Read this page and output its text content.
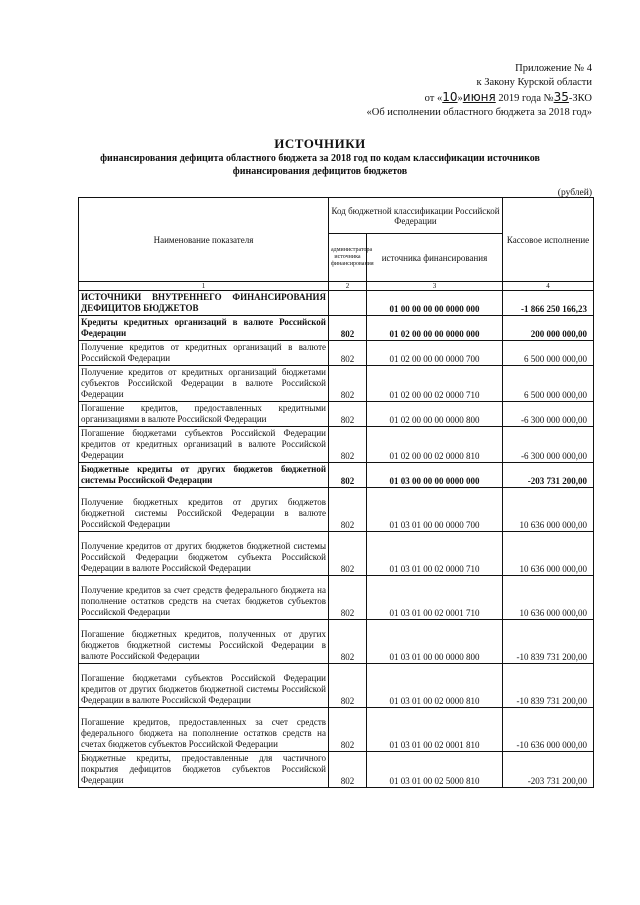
Приложение № 4
к Закону Курской области
от «10»июня 2019 года №35-ЗКО
«Об исполнении областного бюджета за 2018 год»
ИСТОЧНИКИ
финансирования дефицита областного бюджета за 2018 год по кодам классификации источников финансирования дефицитов бюджетов
(рублей)
Наименование показателя	Код бюджетной классификации Российской Федерации		Кассовое исполнение
	администратора источника финансирования	источника финансирования	
1	2	3	4
ИСТОЧНИКИ ВНУТРЕННЕГО ФИНАНСИРОВАНИЯ ДЕФИЦИТОВ БЮДЖЕТОВ		01 00 00 00 00 0000 000	-1 866 250 166,23
Кредиты кредитных организаций в валюте Российской Федерации	802	01 02 00 00 00 0000 000	200 000 000,00
Получение кредитов от кредитных организаций в валюте Российской Федерации	802	01 02 00 00 00 0000 700	6 500 000 000,00
Получение кредитов от кредитных организаций бюджетами субъектов Российской Федерации в валюте Российской Федерации	802	01 02 00 00 02 0000 710	6 500 000 000,00
Погашение кредитов, предоставленных кредитными организациями в валюте Российской Федерации	802	01 02 00 00 00 0000 800	-6 300 000 000,00
Погашение бюджетами субъектов Российской Федерации кредитов от кредитных организаций в валюте Российской Федерации	802	01 02 00 00 02 0000 810	-6 300 000 000,00
Бюджетные кредиты от других бюджетов бюджетной системы Российской Федерации	802	01 03 00 00 00 0000 000	-203 731 200,00
Получение бюджетных кредитов от других бюджетов бюджетной системы Российской Федерации в валюте Российской Федерации	802	01 03 01 00 00 0000 700	10 636 000 000,00
Получение кредитов от других бюджетов бюджетной системы Российской Федерации бюджетом субъекта Российской Федерации в валюте Российской Федерации	802	01 03 01 00 02 0000 710	10 636 000 000,00
Получение кредитов за счет средств федерального бюджета на пополнение остатков средств на счетах бюджетов субъектов Российской Федерации	802	01 03 01 00 02 0001 710	10 636 000 000,00
Погашение бюджетных кредитов, полученных от других бюджетов бюджетной системы Российской Федерации в валюте Российской Федерации	802	01 03 01 00 00 0000 800	-10 839 731 200,00
Погашение бюджетами субъектов Российской Федерации кредитов от других бюджетов бюджетной системы Российской Федерации в валюте Российской Федерации	802	01 03 01 00 02 0000 810	-10 839 731 200,00
Погашение кредитов, предоставленных за счет средств федерального бюджета на пополнение остатков средств на счетах бюджетов субъектов Российской Федерации	802	01 03 01 00 02 0001 810	-10 636 000 000,00
Бюджетные кредиты, предоставленные для частичного покрытия дефицитов бюджетов субъектов Российской Федерации	802	01 03 01 00 02 5000 810	-203 731 200,00
